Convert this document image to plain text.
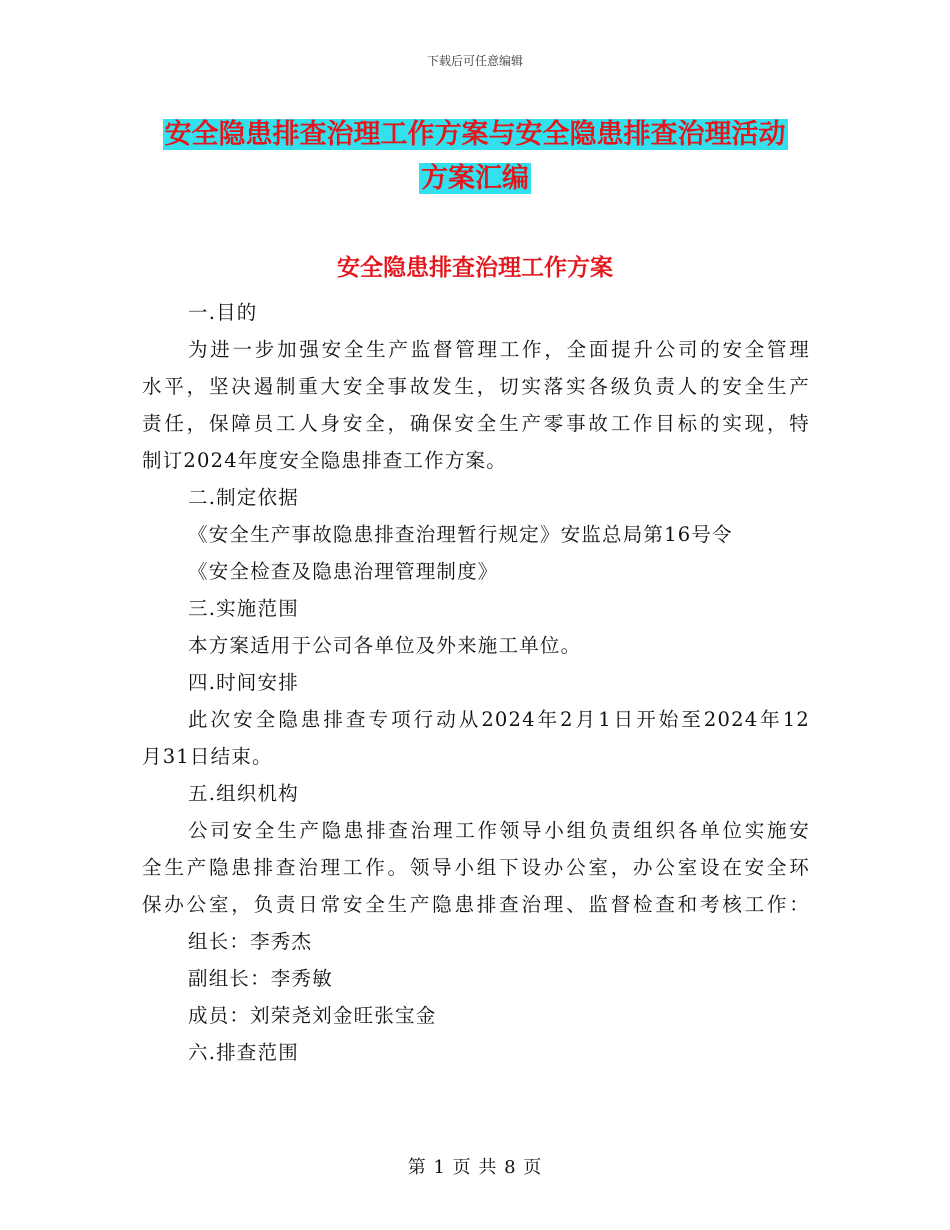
下载后可任意编辑
安全隐患排查治理工作方案与安全隐患排查治理活动
方案汇编
安全隐患排查治理工作方案
一.目的
为进一步加强安全生产监督管理工作，全面提升公司的安全管理
水平，坚决遏制重大安全事故发生，切实落实各级负责人的安全生产
责任，保障员工人身安全，确保安全生产零事故工作目标的实现，特
制订2024年度安全隐患排查工作方案。
二.制定依据
《安全生产事故隐患排查治理暂行规定》安监总局第16号令
《安全检查及隐患治理管理制度》
三.实施范围
本方案适用于公司各单位及外来施工单位。
四.时间安排
此次安全隐患排查专项行动从2024年2月1日开始至2024年12
月31日结束。
五.组织机构
公司安全生产隐患排查治理工作领导小组负责组织各单位实施安
全生产隐患排查治理工作。领导小组下设办公室，办公室设在安全环
保办公室，负责日常安全生产隐患排查治理、监督检查和考核工作：
组长：李秀杰
副组长：李秀敏
成员：刘荣尧刘金旺张宝金
六.排查范围
第 1 页 共 8 页
